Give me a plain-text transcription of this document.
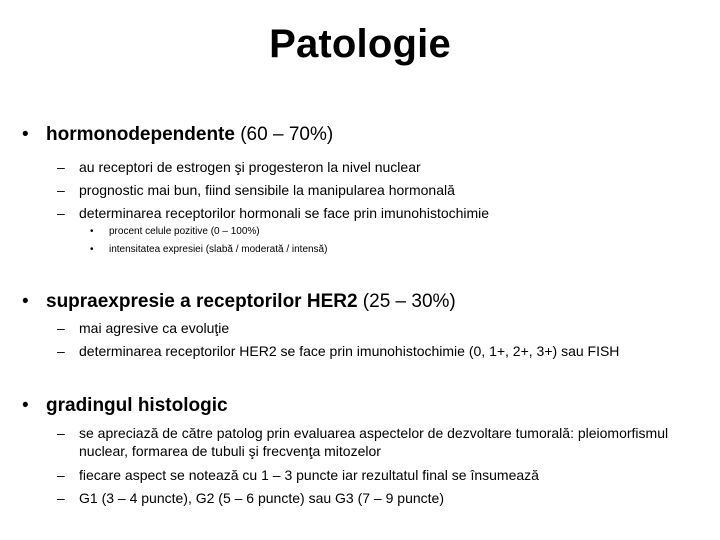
Patologie
• hormonodependente (60 – 70%)
– au receptori de estrogen şi progesteron la nivel nuclear
– prognostic mai bun, fiind sensibile la manipularea hormonală
– determinarea receptorilor hormonali se face prin imunohistochimie
• procent celule pozitive (0 – 100%)
• intensitatea expresiei (slabă / moderată / intensă)
• supraexpresie a receptorilor HER2 (25 – 30%)
– mai agresive ca evoluţie
– determinarea receptorilor HER2 se face prin imunohistochimie (0, 1+, 2+, 3+) sau FISH
• gradingul histologic
– se apreciază de către patolog prin evaluarea aspectelor de dezvoltare tumorală: pleiomorfismul nuclear, formarea de tubuli şi frecvenţa mitozelor
– fiecare aspect se notează cu 1 – 3 puncte iar rezultatul final se însumează
– G1 (3 – 4 puncte), G2 (5 – 6 puncte) sau G3 (7 – 9 puncte)
